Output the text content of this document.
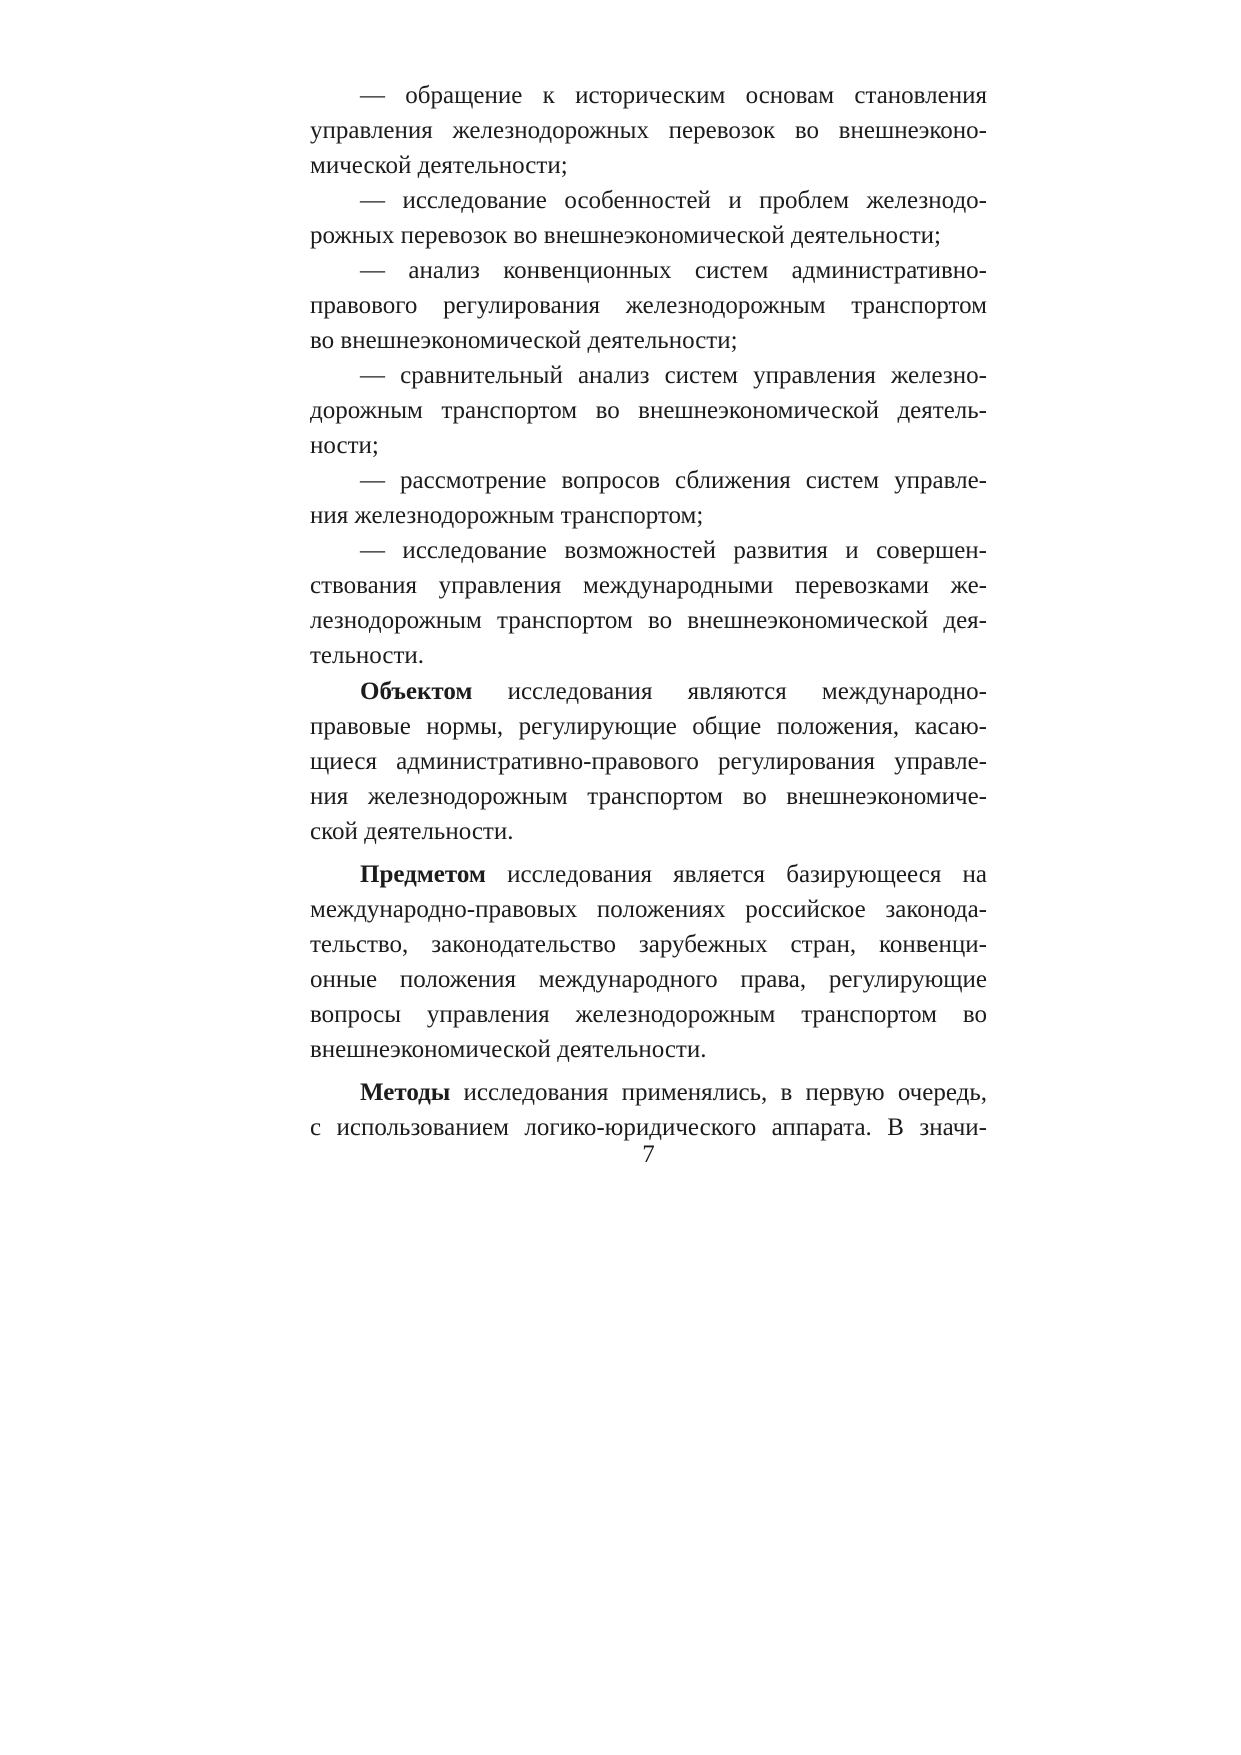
— обращение к историческим основам становления
управления железнодорожных перевозок во внешнеэконо-
мической деятельности;
— исследование особенностей и проблем железнодо-
рожных перевозок во внешнеэкономической деятельности;
— анализ конвенционных систем административно-
правового регулирования железнодорожным транспортом
во внешнеэкономической деятельности;
— сравнительный анализ систем управления железно-
дорожным транспортом во внешнеэкономической деятель-
ности;
— рассмотрение вопросов сближения систем управле-
ния железнодорожным транспортом;
— исследование возможностей развития и совершен-
ствования управления международными перевозками же-
лезнодорожным транспортом во внешнеэкономической дея-
тельности.
Объектом исследования являются международно-
правовые нормы, регулирующие общие положения, касаю-
щиеся административно-правового регулирования управле-
ния железнодорожным транспортом во внешнеэкономиче-
ской деятельности.
Предметом исследования является базирующееся на
международно-правовых положениях российское законода-
тельство, законодательство зарубежных стран, конвенци-
онные положения международного права, регулирующие
вопросы управления железнодорожным транспортом во
внешнеэкономической деятельности.
Методы исследования применялись, в первую очередь,
с использованием логико-юридического аппарата. В значи-
7
